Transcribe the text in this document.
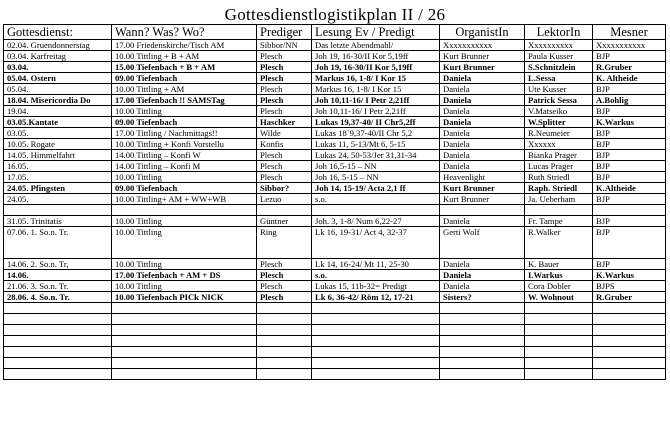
Gottesdienstlogistikplan II / 26
Gottesdienst:	Wann? Was? Wo?	Prediger	Lesung Ev / Predigt	OrganistIn	LektorIn	Mesner
02.04. Gruendonnerstag	17.00 Friedenskirche/Tisch AM	Sibbor/NN	Das letzte Abendmahl/	Xxxxxxxxxxx	Xxxxxxxxxx	Xxxxxxxxxxx
03.04. Karfreitag	10.00 Tittling + B + AM	Plesch	Joh 19, 16-30/II Kor 5,19ff	Kurt Brunner	Paula Kusser	BJP
03.04.	15.00 Tiefenbach + B + AM	Plesch	Joh 19, 16-30/II Kor 5,19ff	Kurt Brunner	S.Schnitzlein	R.Gruber
05.04. Ostern	09.00 Tiefenbach	Plesch	Markus 16, 1-8/ I Kor 15	Daniela	L.Sessa	K. Altheide
05.04.	10.00 Tittling + AM	Plesch	Markus 16, 1-8/ I Kor 15	Daniela	Ute Kusser	BJP
18.04. Misericordia Do	17.00 Tiefenbach !! SAMSTag	Plesch	Joh 10,11-16/ I Petr 2,21ff	Daniela	Patrick Sessa	A.Bohlig
19.04.	10.00 Tittling	Plesch	Joh 10,11-16/ I Petr 2,21ff	Daniela	V.Matseiko	BJP
03.05.Kantate	09.00 Tiefenbach	Haschker	Lukas 19,37-40/ II Chr5,2ff	Daniela	W.Splitter	K.Warkus
03.05.	17.00 Tittling / Nachmittags!!	Wilde	Lukas 18`9,37-40/II Chr 5,2	Daniela	R.Neumeier	BJP
10.05. Rogate	10.00 Tittling + Konfi Vorstellu	Konfis	Lukas 11, 5-13/Mt 6, 5-15	Daniela	Xxxxxx	BJP
14.05. Himmelfahrt	14.00 Tittling – Konfi W	Plesch	Lukas 24, 50-53/Jer 31,31-34	Daniela	Bianka Prager	BJP
16.05.	14.00 Tittling – Konfi M	Plesch	Joh 16,5-15 – NN	Daniela	Lucas Prager	BJP
17.05.	10.00 Tittling	Plesch	Joh 16, 5-15 – NN	Heavenlight	Ruth Striedl	BJP
24.05. Pfingsten	09.00 Tiefenbach	Sibbor?	Joh 14, 15-19/ Acta 2,1 ff	Kurt Brunner	Raph. Striedl	K.Altheide
24.05.	10.00 Tittling+ AM + WW+WB	Lezuo	s.o.	Kurt Brunner	Ja. Ueberham	BJP

31.05. Trinitatis	10.00 Tittling	Güntner	Joh. 3, 1-8/ Num 6,22-27	Daniela	Fr. Tampe	BJP
07.06. 1. So.n. Tr.	10.00 Tittling	Ring	Lk 16, 19-31/ Act 4, 32-37	Gerti Wolf	R.Walker	BJP
14.06. 2. So.n. Tr,	10.00 Tittling	Plesch	Lk 14, 16-24/ Mt 11, 25-30	Daniela	K. Bauer	BJP
14.06.	17.00 Tiefenbach + AM + DS	Plesch	s.o.	Daniela	I.Warkus	K.Warkus
21.06. 3. So.n. Tr.	10.00 Tittling	Plesch	Lukas 15, 11b-32= Predigt	Daniela	Cora Dobler	BJPS
28.06. 4. So.n. Tr.	10.00 Tiefenbach PICk NICK	Plesch	Lk 6, 36-42/ Röm 12, 17-21	Sisters?	W. Wohnout	R.Gruber
